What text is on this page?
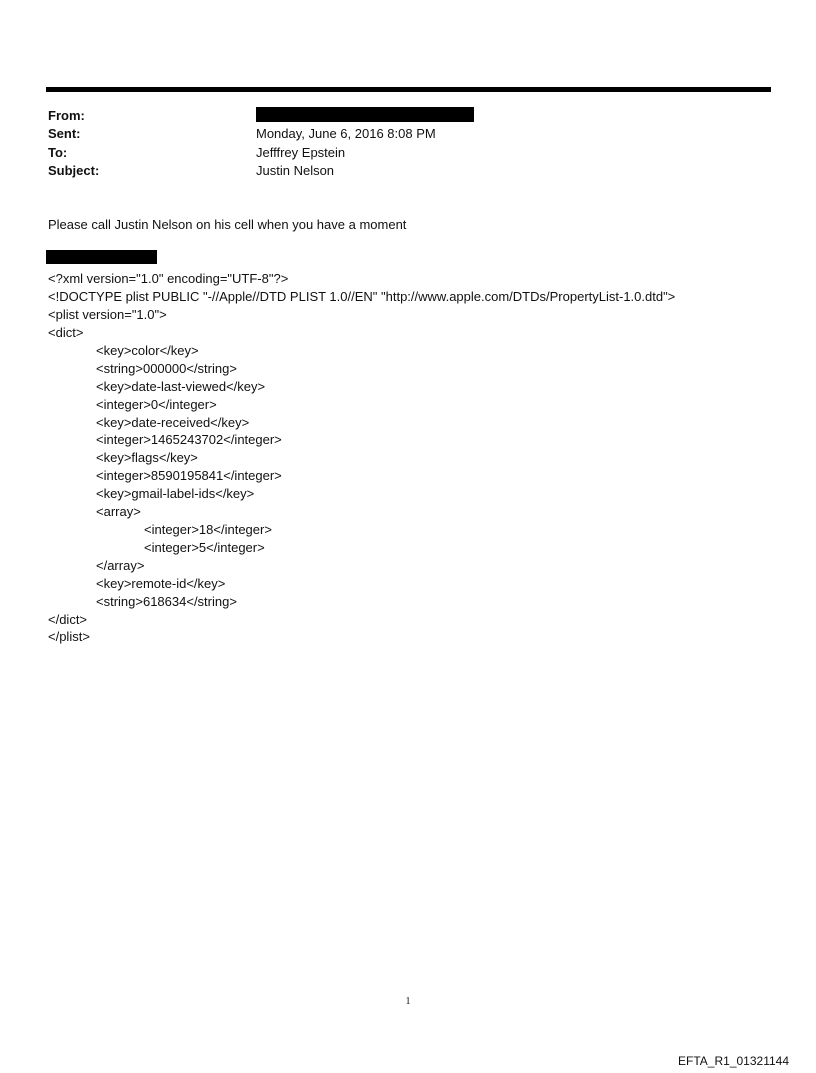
From:
Sent:	Monday, June 6, 2016 8:08 PM
To:	Jefffrey Epstein
Subject:	Justin Nelson
Please call Justin Nelson on his cell when you have a moment
<?xml version="1.0" encoding="UTF-8"?>
<!DOCTYPE plist PUBLIC "-//Apple//DTD PLIST 1.0//EN" "http://www.apple.com/DTDs/PropertyList-1.0.dtd">
<plist version="1.0">
<dict>
<key>color</key>
<string>000000</string>
<key>date-last-viewed</key>
<integer>0</integer>
<key>date-received</key>
<integer>1465243702</integer>
<key>flags</key>
<integer>8590195841</integer>
<key>gmail-label-ids</key>
<array>
<integer>18</integer>
<integer>5</integer>
</array>
<key>remote-id</key>
<string>618634</string>
</dict>
</plist>
1
EFTA_R1_01321144
